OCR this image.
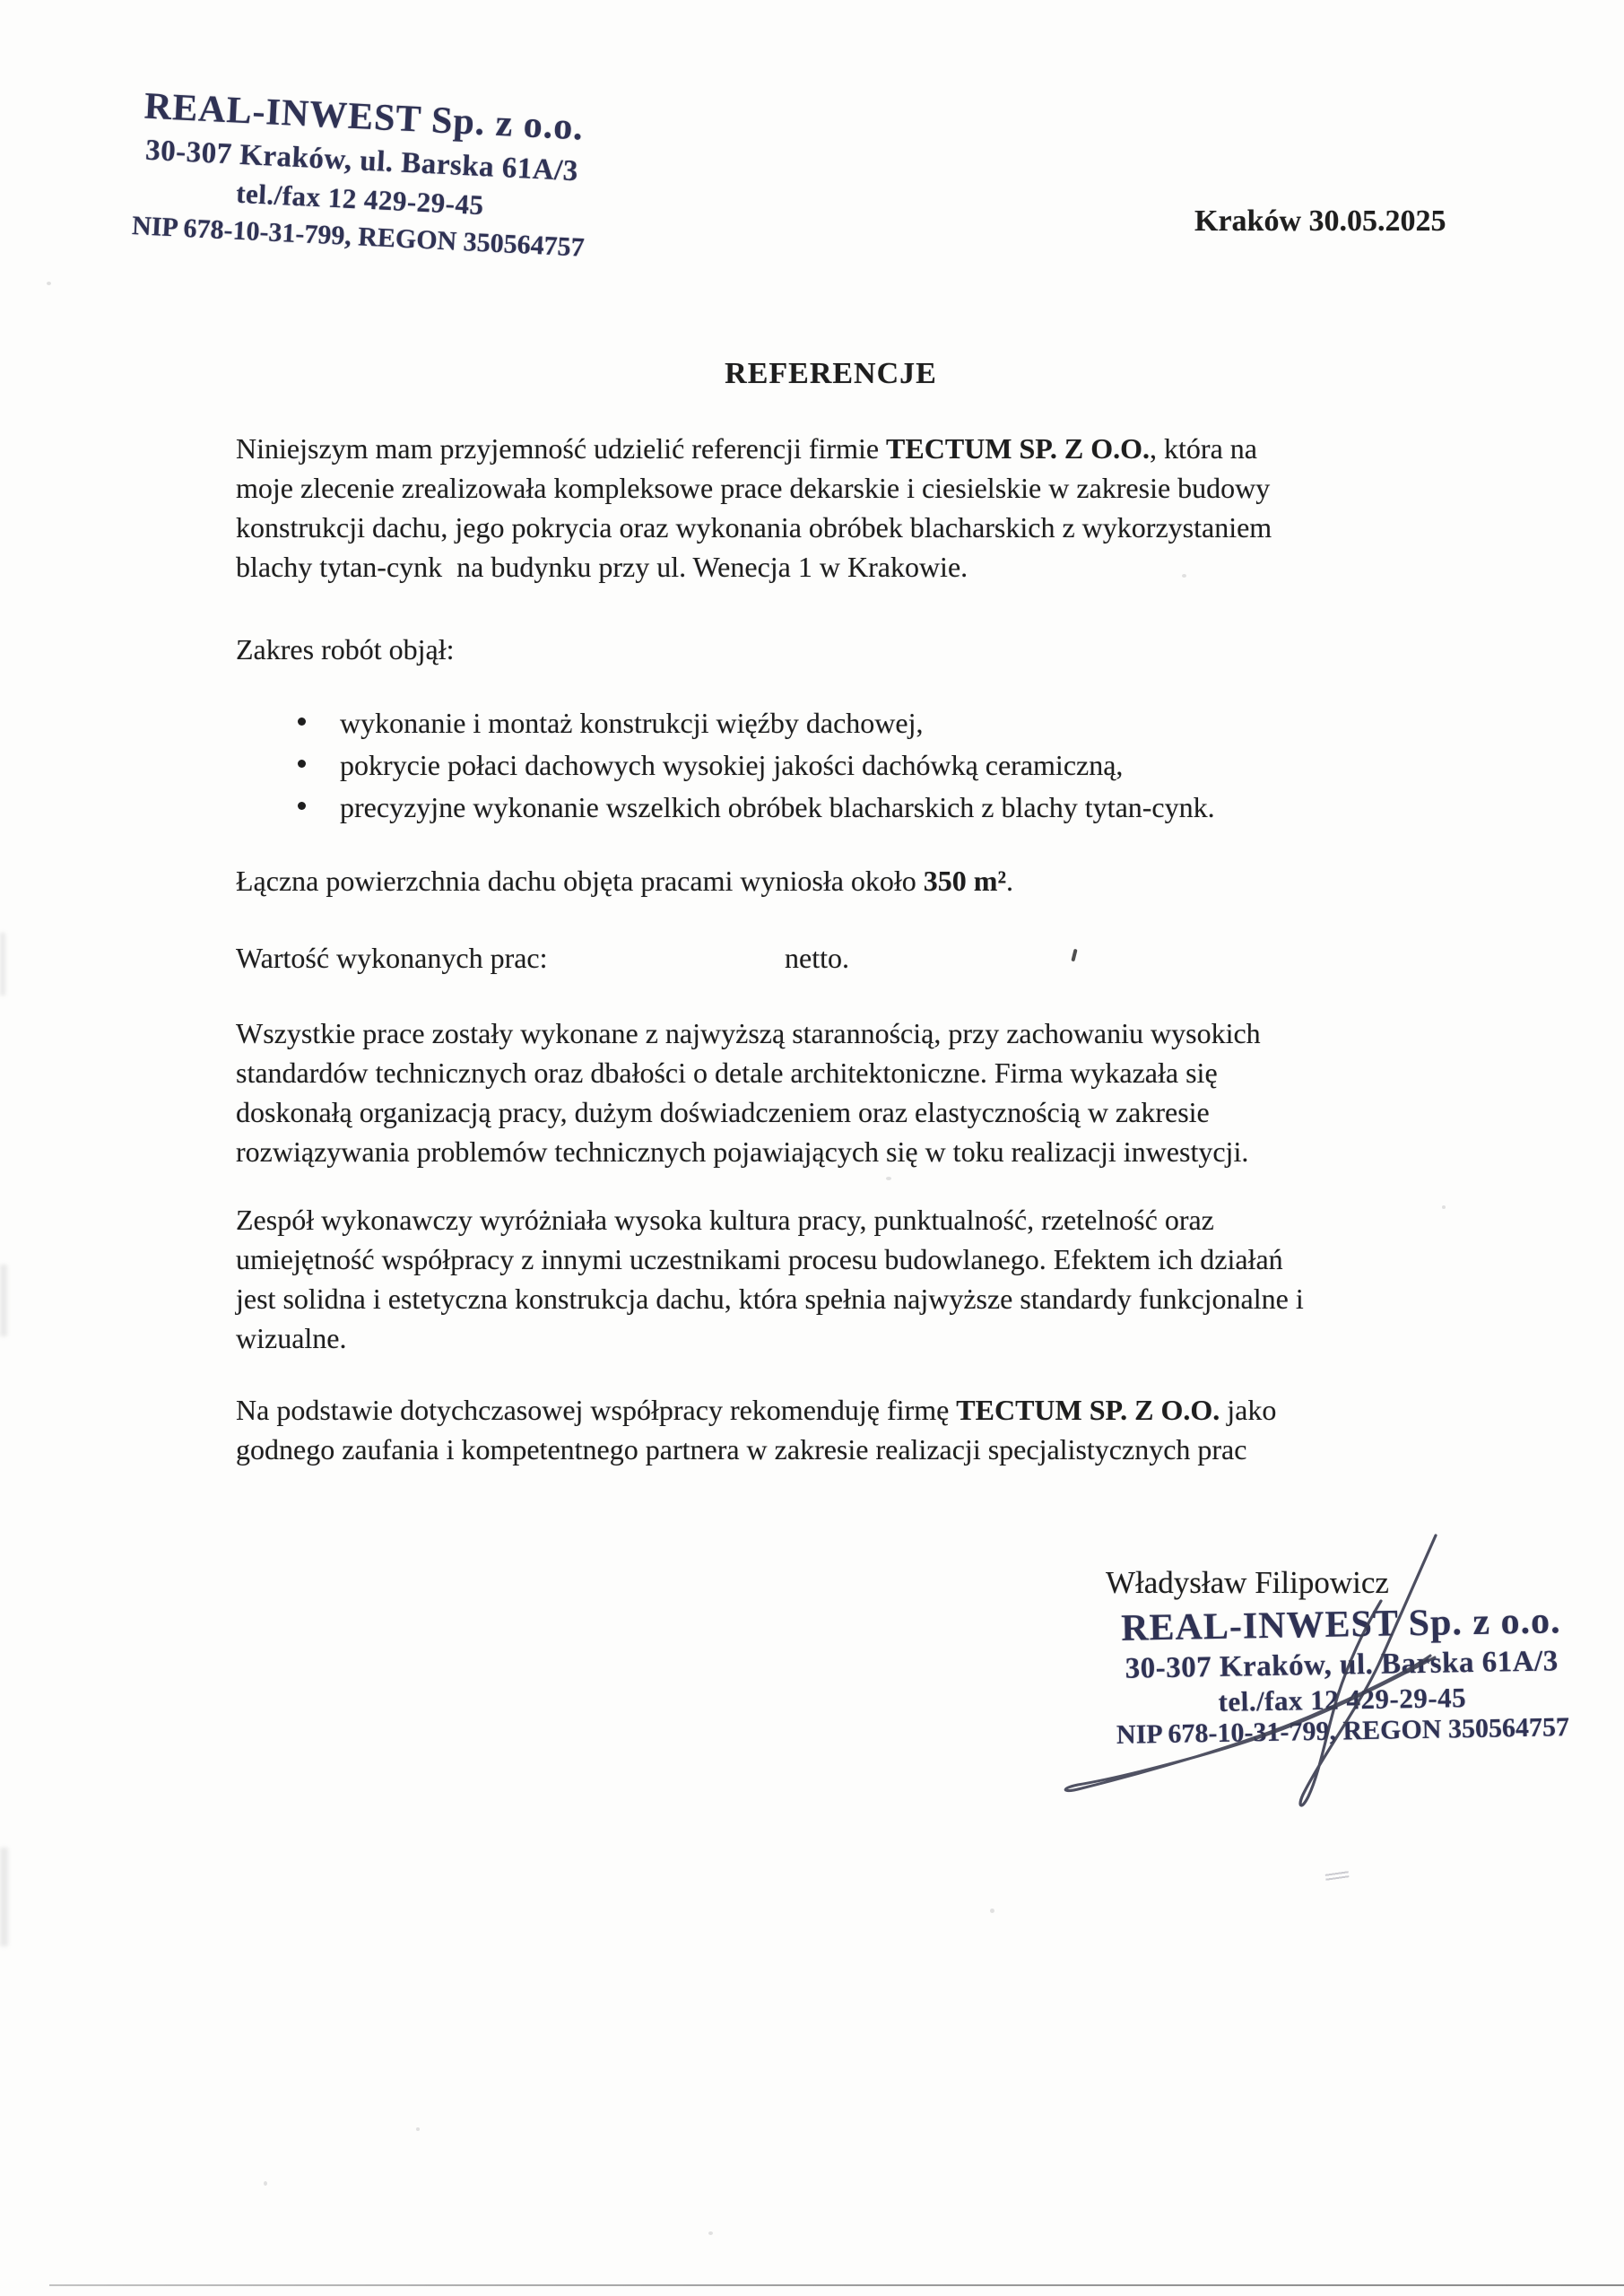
REAL-INWEST Sp. z o.o.
30-307 Kraków, ul. Barska 61A/3
tel./fax 12 429-29-45
NIP 678-10-31-799, REGON 350564757	Kraków 30.05.2025
REFERENCJE
Niniejszym mam przyjemność udzielić referencji firmie TECTUM SP. Z O.O., która na
moje zlecenie zrealizowała kompleksowe prace dekarskie i ciesielskie w zakresie budowy
konstrukcji dachu, jego pokrycia oraz wykonania obróbek blacharskich z wykorzystaniem
blachy tytan-cynk  na budynku przy ul. Wenecja 1 w Krakowie.
Zakres robót objął:
wykonanie i montaż konstrukcji więźby dachowej,
pokrycie połaci dachowych wysokiej jakości dachówką ceramiczną,
precyzyjne wykonanie wszelkich obróbek blacharskich z blachy tytan-cynk.
Łączna powierzchnia dachu objęta pracami wyniosła około 350 m².
Wartość wykonanych prac:	netto.
Wszystkie prace zostały wykonane z najwyższą starannością, przy zachowaniu wysokich
standardów technicznych oraz dbałości o detale architektoniczne. Firma wykazała się
doskonałą organizacją pracy, dużym doświadczeniem oraz elastycznością w zakresie
rozwiązywania problemów technicznych pojawiających się w toku realizacji inwestycji.
Zespół wykonawczy wyróżniała wysoka kultura pracy, punktualność, rzetelność oraz
umiejętność współpracy z innymi uczestnikami procesu budowlanego. Efektem ich działań
jest solidna i estetyczna konstrukcja dachu, która spełnia najwyższe standardy funkcjonalne i
wizualne.
Na podstawie dotychczasowej współpracy rekomenduję firmę TECTUM SP. Z O.O. jako
godnego zaufania i kompetentnego partnera w zakresie realizacji specjalistycznych prac
Władysław Filipowicz
REAL-INWEST Sp. z o.o.
30-307 Kraków, ul. Barska 61A/3
tel./fax 12 429-29-45
NIP 678-10-31-799, REGON 350564757
